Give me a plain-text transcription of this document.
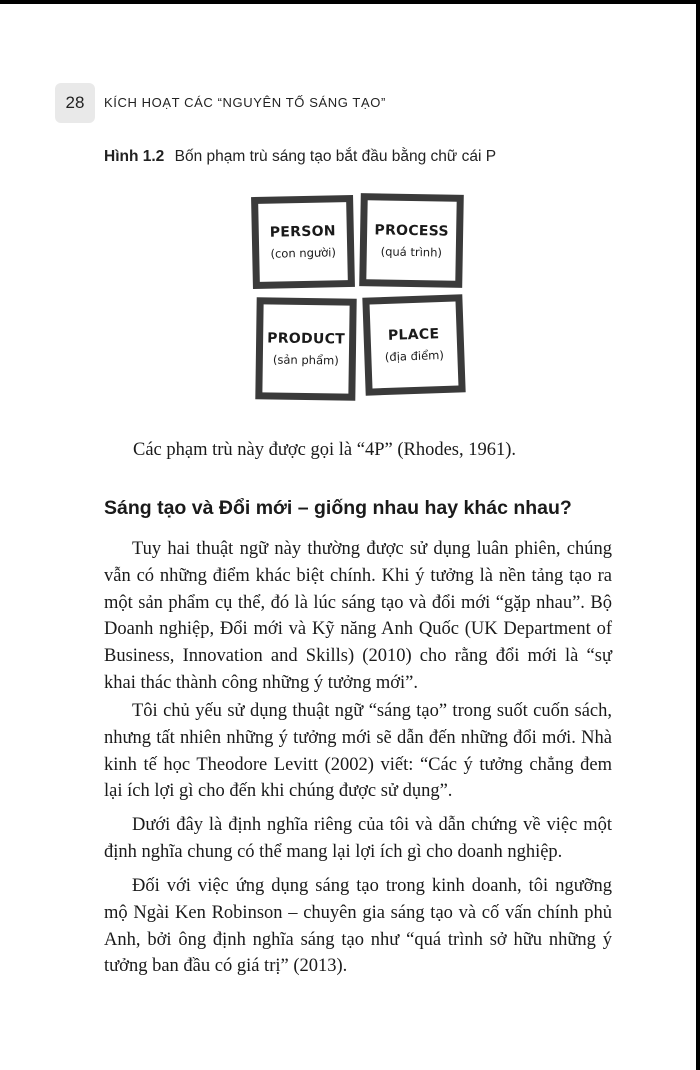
28	KÍCH HOẠT CÁC “NGUYÊN TỐ SÁNG TẠO”
Hình 1.2 Bốn phạm trù sáng tạo bắt đầu bằng chữ cái P
PERSON
(con người)
PROCESS
(quá trình)
PRODUCT
(sản phẩm)
PLACE
(địa điểm)
Các phạm trù này được gọi là “4P” (Rhodes, 1961).
Sáng tạo và Đổi mới – giống nhau hay khác nhau?

Tuy hai thuật ngữ này thường được sử dụng luân phiên, chúng vẫn có những điểm khác biệt chính. Khi ý tưởng là nền tảng tạo ra một sản phẩm cụ thể, đó là lúc sáng tạo và đổi mới “gặp nhau”. Bộ Doanh nghiệp, Đổi mới và Kỹ năng Anh Quốc (UK Department of Business, Innovation and Skills) (2010) cho rằng đổi mới là “sự khai thác thành công những ý tưởng mới”.

Tôi chủ yếu sử dụng thuật ngữ “sáng tạo” trong suốt cuốn sách, nhưng tất nhiên những ý tưởng mới sẽ dẫn đến những đổi mới. Nhà kinh tế học Theodore Levitt (2002) viết: “Các ý tưởng chẳng đem lại ích lợi gì cho đến khi chúng được sử dụng”.

Dưới đây là định nghĩa riêng của tôi và dẫn chứng về việc một định nghĩa chung có thể mang lại lợi ích gì cho doanh nghiệp.

Đối với việc ứng dụng sáng tạo trong kinh doanh, tôi ngưỡng mộ Ngài Ken Robinson – chuyên gia sáng tạo và cố vấn chính phủ Anh, bởi ông định nghĩa sáng tạo như “quá trình sở hữu những ý tưởng ban đầu có giá trị” (2013).
